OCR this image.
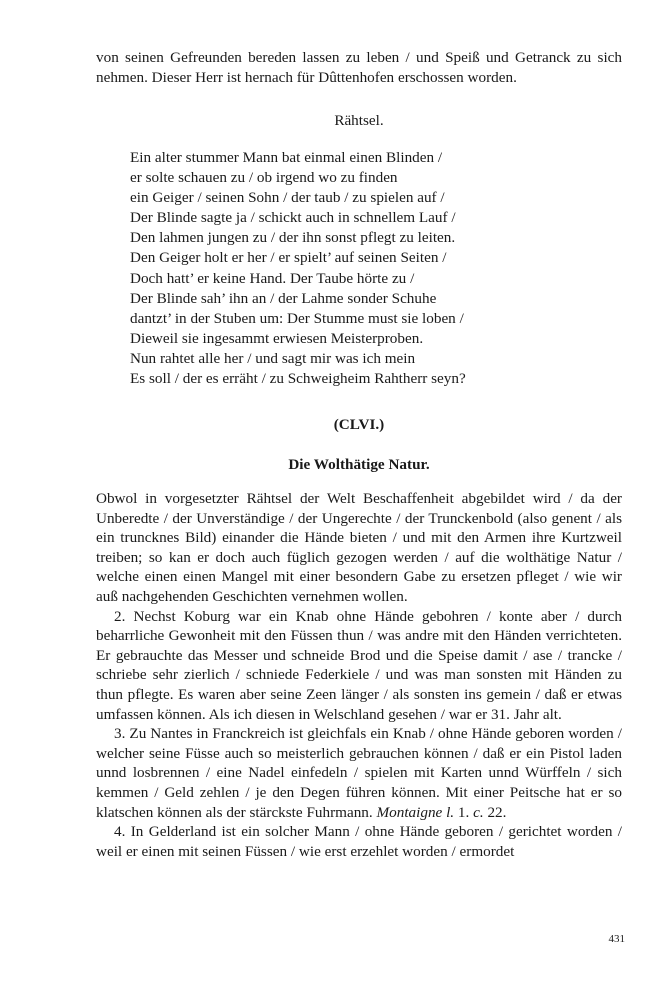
von seinen Gefreunden bereden lassen zu leben / und Speiß und Getranck zu sich nehmen. Dieser Herr ist hernach für Dûttenhofen erschossen worden.

Rähtsel.
Ein alter stummer Mann bat einmal einen Blinden /
er solte schauen zu / ob irgend wo zu finden
ein Geiger / seinen Sohn / der taub / zu spielen auf /
Der Blinde sagte ja / schickt auch in schnellem Lauf /
Den lahmen jungen zu / der ihn sonst pflegt zu leiten.
Den Geiger holt er her / er spielt’ auf seinen Seiten /
Doch hatt’ er keine Hand. Der Taube hörte zu /
Der Blinde sah’ ihn an / der Lahme sonder Schuhe
dantzt’ in der Stuben um: Der Stumme must sie loben /
Dieweil sie ingesammt erwiesen Meisterproben.
Nun rahtet alle her / und sagt mir was ich mein
Es soll / der es erräht / zu Schweigheim Rahtherr seyn?
(CLVI.)
Die Wolthätige Natur.

Obwol in vorgesetzter Rähtsel der Welt Beschaffenheit abgebildet wird / da der Unberedte / der Unverständige / der Ungerechte / der Trunckenbold (also genent / als ein truncknes Bild) einander die Hände bieten / und mit den Armen ihre Kurtzweil treiben; so kan er doch auch füglich gezogen werden / auf die wolthätige Natur / welche einen einen Mangel mit einer besondern Gabe zu ersetzen pfleget / wie wir auß nachgehenden Geschichten vernehmen wollen.

2. Nechst Koburg war ein Knab ohne Hände gebohren / konte aber / durch beharrliche Gewonheit mit den Füssen thun / was andre mit den Händen verrichteten. Er gebrauchte das Messer und schneide Brod und die Speise damit / ase / trancke / schriebe sehr zierlich / schniede Federkiele / und was man sonsten mit Händen zu thun pflegte. Es waren aber seine Zeen länger / als sonsten ins gemein / daß er etwas umfassen können. Als ich diesen in Welschland gesehen / war er 31. Jahr alt.

3. Zu Nantes in Franckreich ist gleichfals ein Knab / ohne Hände geboren worden / welcher seine Füsse auch so meisterlich gebrauchen können / daß er ein Pistol laden unnd losbrennen / eine Nadel einfedeln / spielen mit Karten unnd Würffeln / sich kemmen / Geld zehlen / je den Degen führen können. Mit einer Peitsche hat er so klatschen können als der stärckste Fuhrmann. Montaigne l. 1. c. 22.

4. In Gelderland ist ein solcher Mann / ohne Hände geboren / gerichtet worden / weil er einen mit seinen Füssen / wie erst erzehlet worden / ermordet

431
